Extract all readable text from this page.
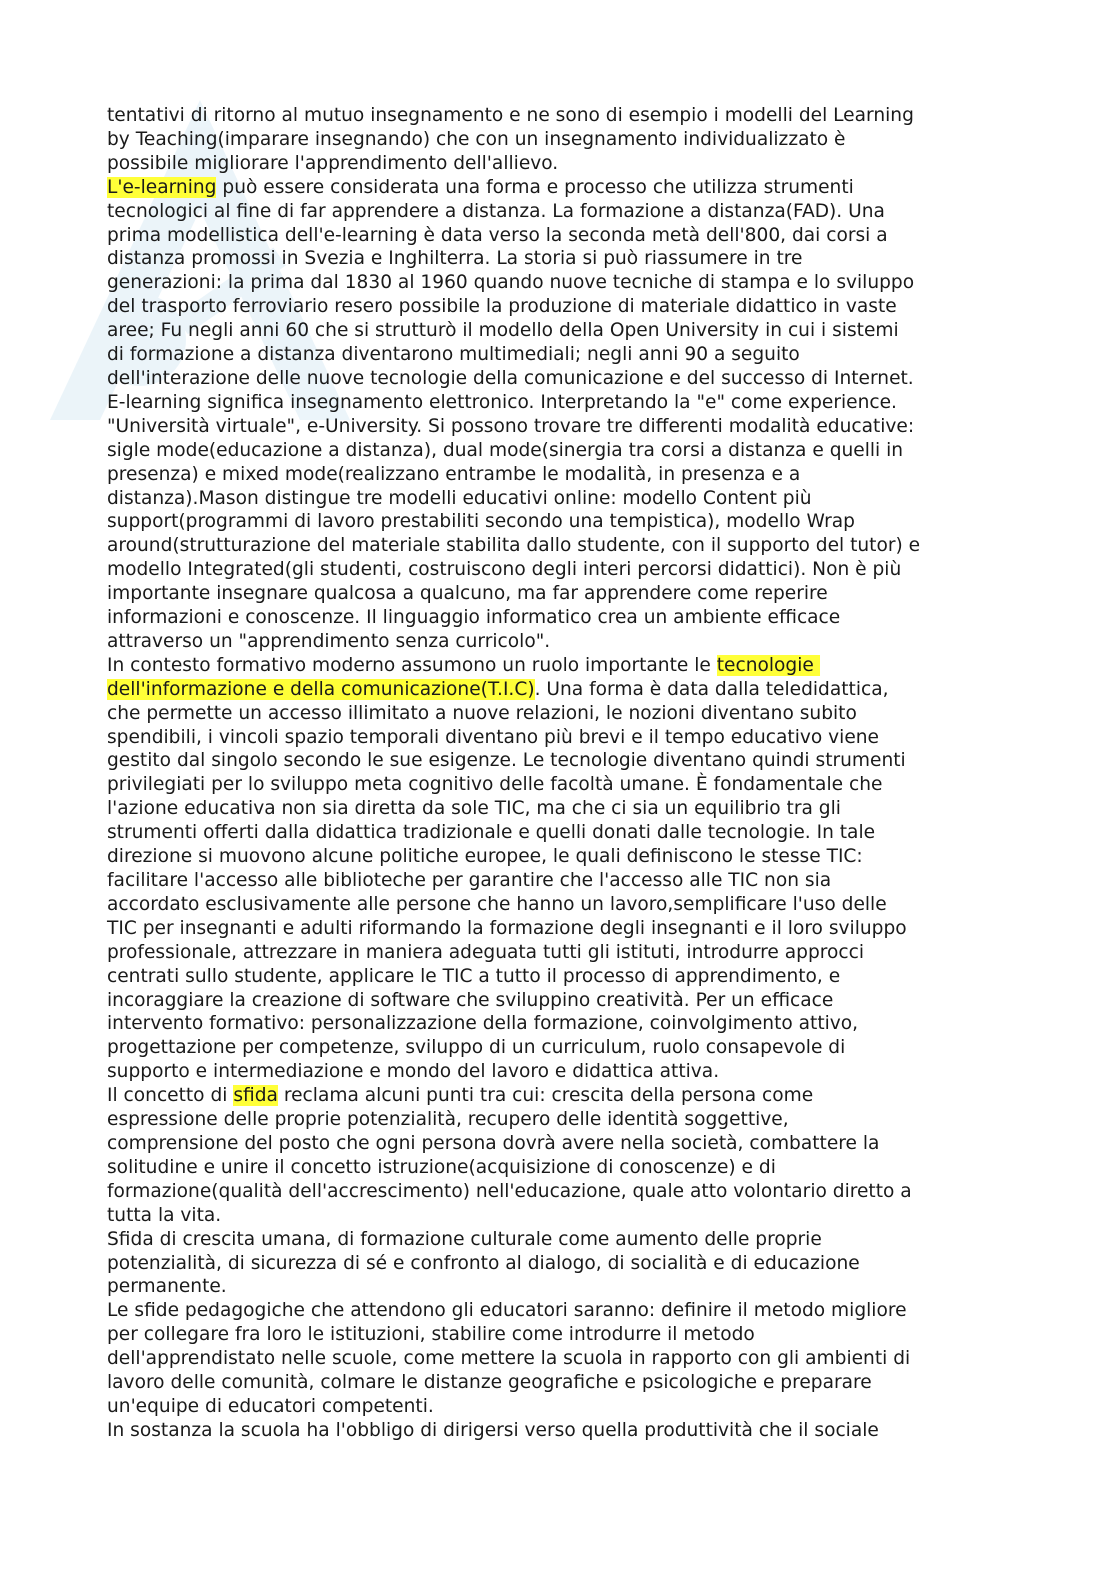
tentativi di ritorno al mutuo insegnamento e ne sono di esempio i modelli del Learning
by Teaching(imparare insegnando) che con un insegnamento individualizzato è
possibile migliorare l'apprendimento dell'allievo.
L'e-learning può essere considerata una forma e processo che utilizza strumenti
tecnologici al fine di far apprendere a distanza. La formazione a distanza(FAD). Una
prima modellistica dell'e-learning è data verso la seconda metà dell'800, dai corsi a
distanza promossi in Svezia e Inghilterra. La storia si può riassumere in tre
generazioni: la prima dal 1830 al 1960 quando nuove tecniche di stampa e lo sviluppo
del trasporto ferroviario resero possibile la produzione di materiale didattico in vaste
aree; Fu negli anni 60 che si strutturò il modello della Open University in cui i sistemi
di formazione a distanza diventarono multimediali; negli anni 90 a seguito
dell'interazione delle nuove tecnologie della comunicazione e del successo di Internet.
E-learning significa insegnamento elettronico. Interpretando la "e" come experience.
"Università virtuale", e-University. Si possono trovare tre differenti modalità educative:
sigle mode(educazione a distanza), dual mode(sinergia tra corsi a distanza e quelli in
presenza) e mixed mode(realizzano entrambe le modalità, in presenza e a
distanza).Mason distingue tre modelli educativi online: modello Content più
support(programmi di lavoro prestabiliti secondo una tempistica), modello Wrap
around(strutturazione del materiale stabilita dallo studente, con il supporto del tutor) e
modello Integrated(gli studenti, costruiscono degli interi percorsi didattici). Non è più
importante insegnare qualcosa a qualcuno, ma far apprendere come reperire
informazioni e conoscenze. Il linguaggio informatico crea un ambiente efficace
attraverso un "apprendimento senza curricolo".
In contesto formativo moderno assumono un ruolo importante le tecnologie
dell'informazione e della comunicazione(T.I.C). Una forma è data dalla teledidattica,
che permette un accesso illimitato a nuove relazioni, le nozioni diventano subito
spendibili, i vincoli spazio temporali diventano più brevi e il tempo educativo viene
gestito dal singolo secondo le sue esigenze. Le tecnologie diventano quindi strumenti
privilegiati per lo sviluppo meta cognitivo delle facoltà umane. È fondamentale che
l'azione educativa non sia diretta da sole TIC, ma che ci sia un equilibrio tra gli
strumenti offerti dalla didattica tradizionale e quelli donati dalle tecnologie. In tale
direzione si muovono alcune politiche europee, le quali definiscono le stesse TIC:
facilitare l'accesso alle biblioteche per garantire che l'accesso alle TIC non sia
accordato esclusivamente alle persone che hanno un lavoro,semplificare l'uso delle
TIC per insegnanti e adulti riformando la formazione degli insegnanti e il loro sviluppo
professionale, attrezzare in maniera adeguata tutti gli istituti, introdurre approcci
centrati sullo studente, applicare le TIC a tutto il processo di apprendimento, e
incoraggiare la creazione di software che sviluppino creatività. Per un efficace
intervento formativo: personalizzazione della formazione, coinvolgimento attivo,
progettazione per competenze, sviluppo di un curriculum, ruolo consapevole di
supporto e intermediazione e mondo del lavoro e didattica attiva.
Il concetto di sfida reclama alcuni punti tra cui: crescita della persona come
espressione delle proprie potenzialità, recupero delle identità soggettive,
comprensione del posto che ogni persona dovrà avere nella società, combattere la
solitudine e unire il concetto istruzione(acquisizione di conoscenze) e di
formazione(qualità dell'accrescimento) nell'educazione, quale atto volontario diretto a
tutta la vita.
Sfida di crescita umana, di formazione culturale come aumento delle proprie
potenzialità, di sicurezza di sé e confronto al dialogo, di socialità e di educazione
permanente.
Le sfide pedagogiche che attendono gli educatori saranno: definire il metodo migliore
per collegare fra loro le istituzioni, stabilire come introdurre il metodo
dell'apprendistato nelle scuole, come mettere la scuola in rapporto con gli ambienti di
lavoro delle comunità, colmare le distanze geografiche e psicologiche e preparare
un'equipe di educatori competenti.
In sostanza la scuola ha l'obbligo di dirigersi verso quella produttività che il sociale
